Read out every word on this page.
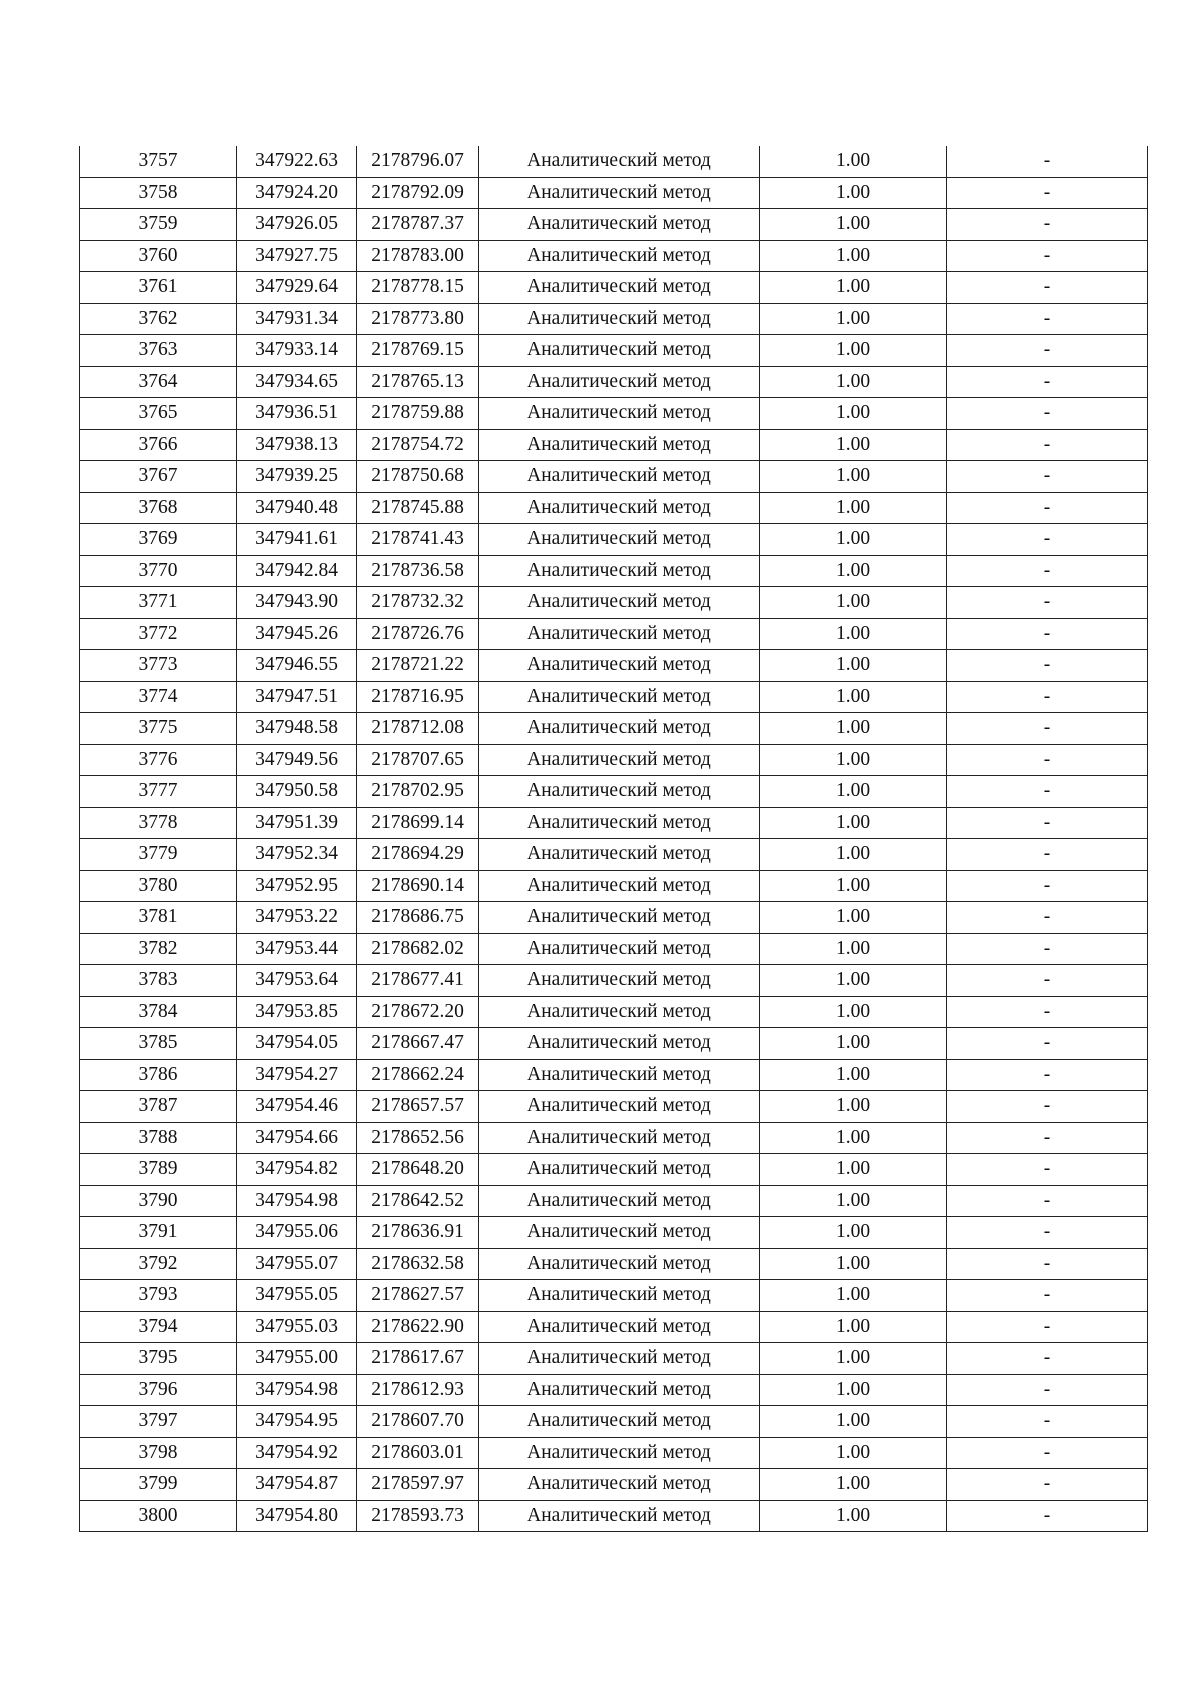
3757	347922.63	2178796.07	Аналитический метод	1.00	-
3758	347924.20	2178792.09	Аналитический метод	1.00	-
3759	347926.05	2178787.37	Аналитический метод	1.00	-
3760	347927.75	2178783.00	Аналитический метод	1.00	-
3761	347929.64	2178778.15	Аналитический метод	1.00	-
3762	347931.34	2178773.80	Аналитический метод	1.00	-
3763	347933.14	2178769.15	Аналитический метод	1.00	-
3764	347934.65	2178765.13	Аналитический метод	1.00	-
3765	347936.51	2178759.88	Аналитический метод	1.00	-
3766	347938.13	2178754.72	Аналитический метод	1.00	-
3767	347939.25	2178750.68	Аналитический метод	1.00	-
3768	347940.48	2178745.88	Аналитический метод	1.00	-
3769	347941.61	2178741.43	Аналитический метод	1.00	-
3770	347942.84	2178736.58	Аналитический метод	1.00	-
3771	347943.90	2178732.32	Аналитический метод	1.00	-
3772	347945.26	2178726.76	Аналитический метод	1.00	-
3773	347946.55	2178721.22	Аналитический метод	1.00	-
3774	347947.51	2178716.95	Аналитический метод	1.00	-
3775	347948.58	2178712.08	Аналитический метод	1.00	-
3776	347949.56	2178707.65	Аналитический метод	1.00	-
3777	347950.58	2178702.95	Аналитический метод	1.00	-
3778	347951.39	2178699.14	Аналитический метод	1.00	-
3779	347952.34	2178694.29	Аналитический метод	1.00	-
3780	347952.95	2178690.14	Аналитический метод	1.00	-
3781	347953.22	2178686.75	Аналитический метод	1.00	-
3782	347953.44	2178682.02	Аналитический метод	1.00	-
3783	347953.64	2178677.41	Аналитический метод	1.00	-
3784	347953.85	2178672.20	Аналитический метод	1.00	-
3785	347954.05	2178667.47	Аналитический метод	1.00	-
3786	347954.27	2178662.24	Аналитический метод	1.00	-
3787	347954.46	2178657.57	Аналитический метод	1.00	-
3788	347954.66	2178652.56	Аналитический метод	1.00	-
3789	347954.82	2178648.20	Аналитический метод	1.00	-
3790	347954.98	2178642.52	Аналитический метод	1.00	-
3791	347955.06	2178636.91	Аналитический метод	1.00	-
3792	347955.07	2178632.58	Аналитический метод	1.00	-
3793	347955.05	2178627.57	Аналитический метод	1.00	-
3794	347955.03	2178622.90	Аналитический метод	1.00	-
3795	347955.00	2178617.67	Аналитический метод	1.00	-
3796	347954.98	2178612.93	Аналитический метод	1.00	-
3797	347954.95	2178607.70	Аналитический метод	1.00	-
3798	347954.92	2178603.01	Аналитический метод	1.00	-
3799	347954.87	2178597.97	Аналитический метод	1.00	-
3800	347954.80	2178593.73	Аналитический метод	1.00	-
